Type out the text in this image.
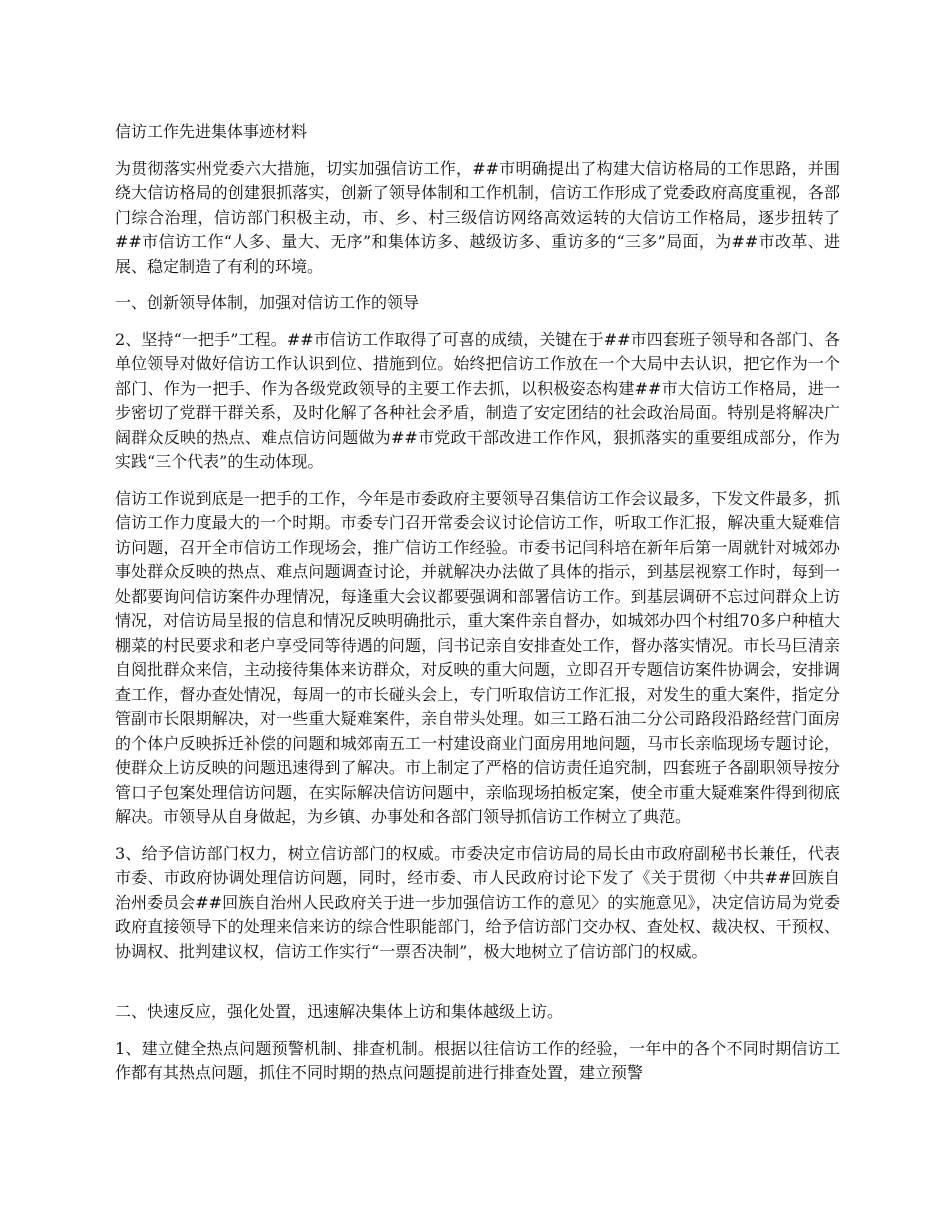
信访工作先进集体事迹材料
为贯彻落实州党委六大措施，切实加强信访工作，##市明确提出了构建大信访格局的工作思路，并围绕大信访格局的创建狠抓落实，创新了领导体制和工作机制，信访工作形成了党委政府高度重视，各部门综合治理，信访部门积极主动，市、乡、村三级信访网络高效运转的大信访工作格局，逐步扭转了##市信访工作“人多、量大、无序”和集体访多、越级访多、重访多的“三多”局面，为##市改革、进展、稳定制造了有利的环境。
一、创新领导体制，加强对信访工作的领导
2、坚持“一把手”工程。##市信访工作取得了可喜的成绩，关键在于##市四套班子领导和各部门、各单位领导对做好信访工作认识到位、措施到位。始终把信访工作放在一个大局中去认识，把它作为一个部门、作为一把手、作为各级党政领导的主要工作去抓，以积极姿态构建##市大信访工作格局，进一步密切了党群干群关系，及时化解了各种社会矛盾，制造了安定团结的社会政治局面。特别是将解决广阔群众反映的热点、难点信访问题做为##市党政干部改进工作作风，狠抓落实的重要组成部分，作为实践“三个代表”的生动体现。
信访工作说到底是一把手的工作，今年是市委政府主要领导召集信访工作会议最多，下发文件最多，抓信访工作力度最大的一个时期。市委专门召开常委会议讨论信访工作，听取工作汇报，解决重大疑难信访问题，召开全市信访工作现场会，推广信访工作经验。市委书记闫科培在新年后第一周就针对城郊办事处群众反映的热点、难点问题调查讨论，并就解决办法做了具体的指示，到基层视察工作时，每到一处都要询问信访案件办理情况，每逢重大会议都要强调和部署信访工作。到基层调研不忘过问群众上访情况，对信访局呈报的信息和情况反映明确批示，重大案件亲自督办，如城郊办四个村组70多户种植大棚菜的村民要求和老户享受同等待遇的问题，闫书记亲自安排查处工作，督办落实情况。市长马巨清亲自阅批群众来信，主动接待集体来访群众，对反映的重大问题，立即召开专题信访案件协调会，安排调查工作，督办查处情况，每周一的市长碰头会上，专门听取信访工作汇报，对发生的重大案件，指定分管副市长限期解决，对一些重大疑难案件，亲自带头处理。如三工路石油二分公司路段沿路经营门面房的个体户反映拆迁补偿的问题和城郊南五工一村建设商业门面房用地问题，马市长亲临现场专题讨论，使群众上访反映的问题迅速得到了解决。市上制定了严格的信访责任追究制，四套班子各副职领导按分管口子包案处理信访问题，在实际解决信访问题中，亲临现场拍板定案，使全市重大疑难案件得到彻底解决。市领导从自身做起，为乡镇、办事处和各部门领导抓信访工作树立了典范。
3、给予信访部门权力，树立信访部门的权威。市委决定市信访局的局长由市政府副秘书长兼任，代表市委、市政府协调处理信访问题，同时，经市委、市人民政府讨论下发了《关于贯彻〈中共##回族自治州委员会##回族自治州人民政府关于进一步加强信访工作的意见〉的实施意见》，决定信访局为党委政府直接领导下的处理来信来访的综合性职能部门，给予信访部门交办权、查处权、裁决权、干预权、协调权、批判建议权，信访工作实行“一票否决制”，极大地树立了信访部门的权威。
二、快速反应，强化处置，迅速解决集体上访和集体越级上访。
1、建立健全热点问题预警机制、排查机制。根据以往信访工作的经验，一年中的各个不同时期信访工作都有其热点问题，抓住不同时期的热点问题提前进行排查处置，建立预警
